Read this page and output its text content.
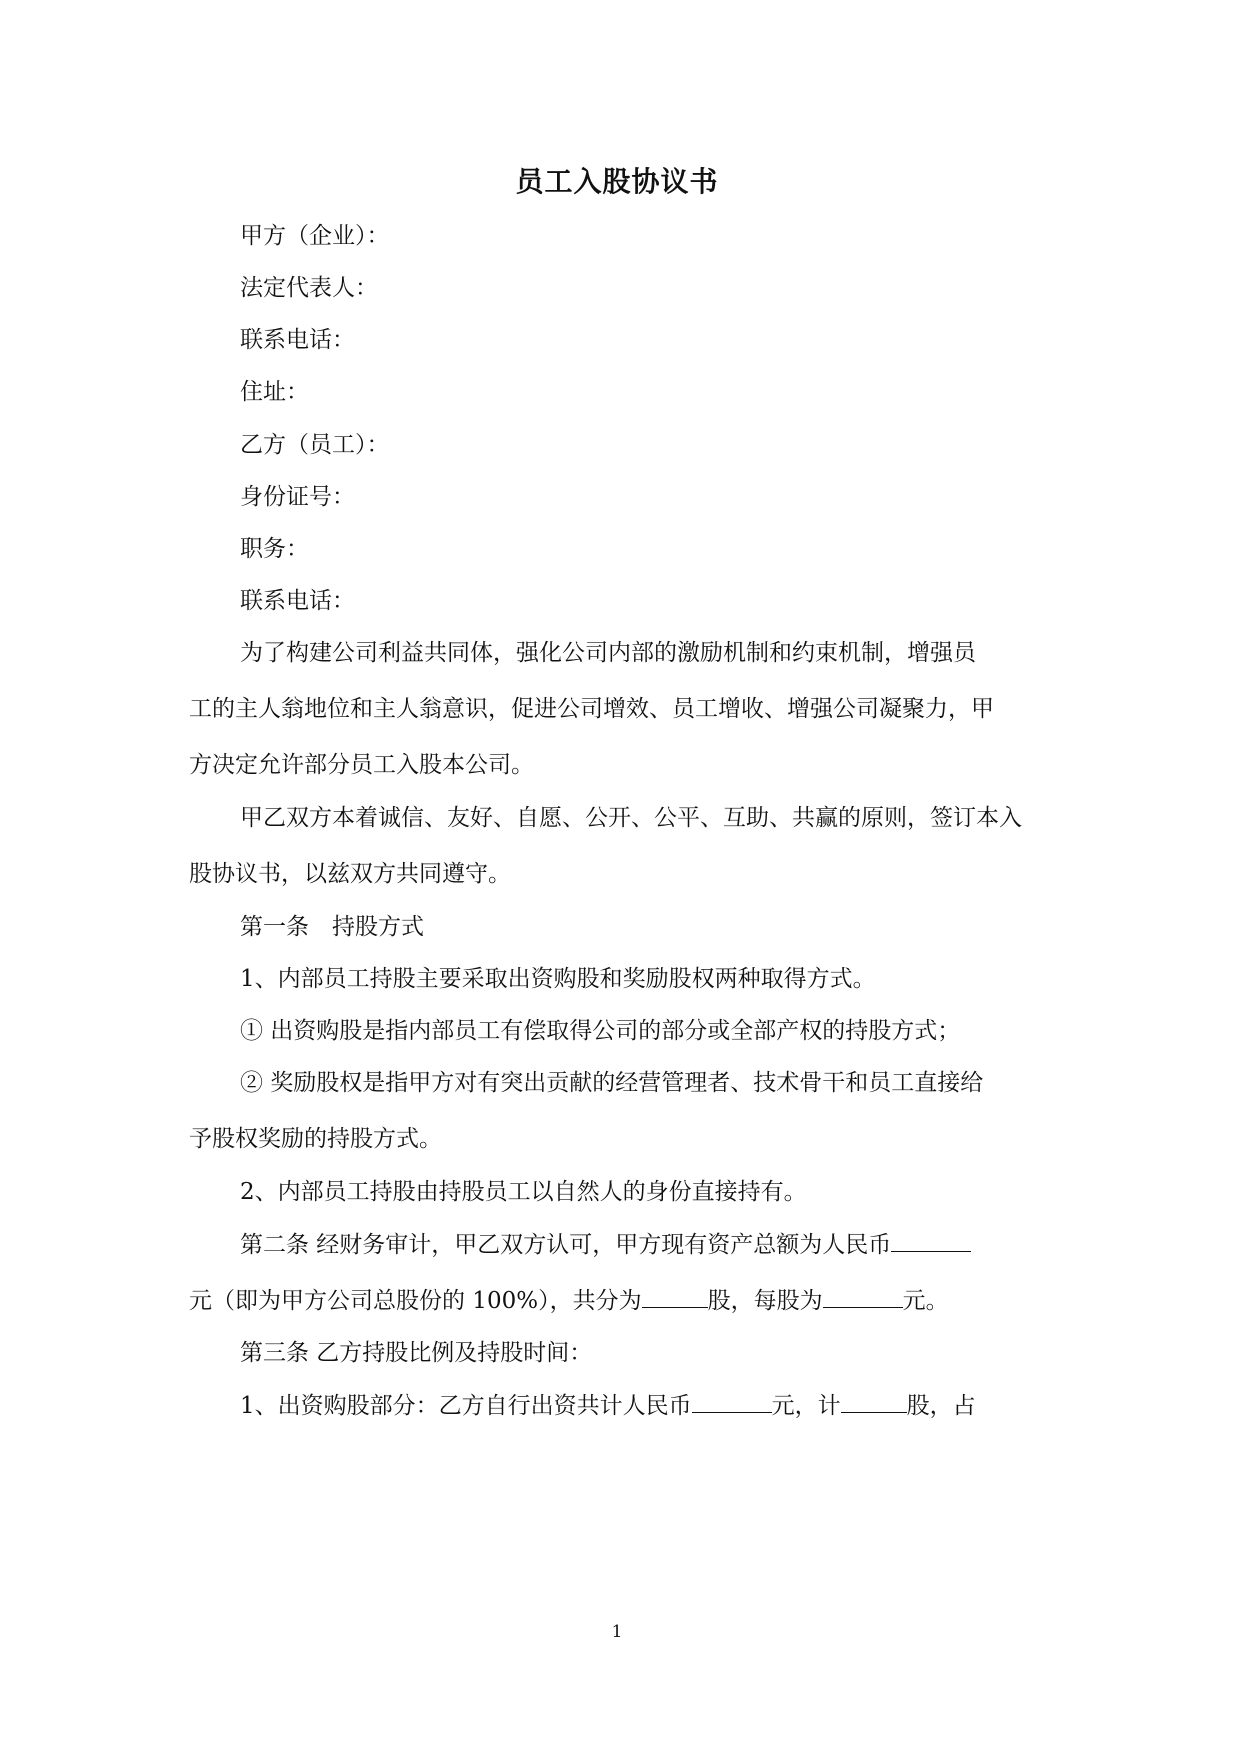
员工入股协议书
甲方（企业）：
法定代表人：
联系电话：
住址：
乙方（员工）：
身份证号：
职务：
联系电话：
为了构建公司利益共同体，强化公司内部的激励机制和约束机制，增强员
工的主人翁地位和主人翁意识，促进公司增效、员工增收、增强公司凝聚力，甲
方决定允许部分员工入股本公司。
甲乙双方本着诚信、友好、自愿、公开、公平、互助、共赢的原则，签订本入
股协议书，以兹双方共同遵守。
第一条　持股方式
1、内部员工持股主要采取出资购股和奖励股权两种取得方式。
① 出资购股是指内部员工有偿取得公司的部分或全部产权的持股方式；
② 奖励股权是指甲方对有突出贡献的经营管理者、技术骨干和员工直接给
予股权奖励的持股方式。
2、内部员工持股由持股员工以自然人的身份直接持有。
第二条 经财务审计，甲乙双方认可，甲方现有资产总额为人民币
元（即为甲方公司总股份的 100%），共分为	股，每股为	元。
第三条 乙方持股比例及持股时间：
1、出资购股部分：乙方自行出资共计人民币	元，计	股，占
1
